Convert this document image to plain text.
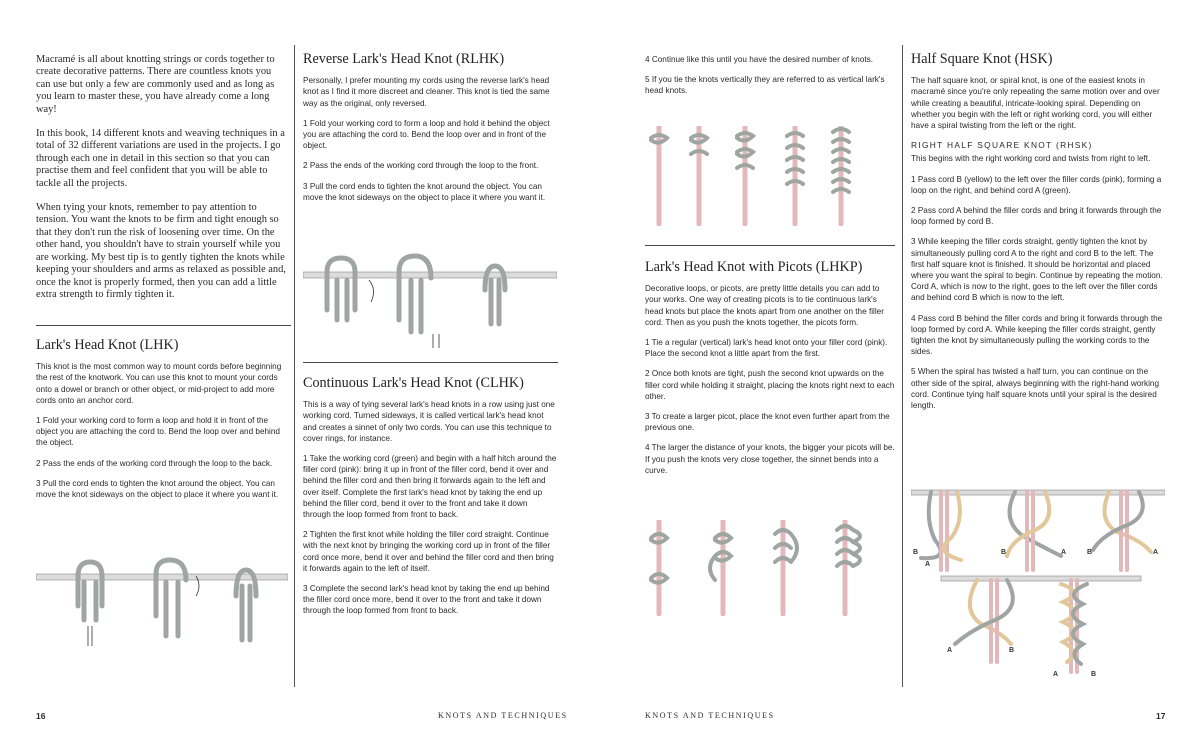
Macramé is all about knotting strings or cords together to create decorative patterns. There are countless knots you can use but only a few are commonly used and as long as you learn to master these, you have already come a long way!

In this book, 14 different knots and weaving techniques in a total of 32 different variations are used in the projects. I go through each one in detail in this section so that you can practise them and feel confident that you will be able to tackle all the projects.

When tying your knots, remember to pay attention to tension. You want the knots to be firm and tight enough so that they don't run the risk of loosening over time. On the other hand, you shouldn't have to strain yourself while you are working. My best tip is to gently tighten the knots while keeping your shoulders and arms as relaxed as possible and, once the knot is properly formed, then you can add a little extra strength to firmly tighten it.

Lark's Head Knot (LHK)

This knot is the most common way to mount cords before beginning the rest of the knotwork. You can use this knot to mount your cords onto a dowel or branch or other object, or mid-project to add more cords onto an anchor cord.

1 Fold your working cord to form a loop and hold it in front of the object you are attaching the cord to. Bend the loop over and behind the object.

2 Pass the ends of the working cord through the loop to the back.

3 Pull the cord ends to tighten the knot around the object. You can move the knot sideways on the object to place it where you want it.

Reverse Lark's Head Knot (RLHK)

Personally, I prefer mounting my cords using the reverse lark's head knot as I find it more discreet and cleaner. This knot is tied the same way as the original, only reversed.

1 Fold your working cord to form a loop and hold it behind the object you are attaching the cord to. Bend the loop over and in front of the object.

2 Pass the ends of the working cord through the loop to the front.

3 Pull the cord ends to tighten the knot around the object. You can move the knot sideways on the object to place it where you want it.

Continuous Lark's Head Knot (CLHK)

This is a way of tying several lark's head knots in a row using just one working cord. Turned sideways, it is called vertical lark's head knot and creates a sinnet of only two cords. You can use this technique to cover rings, for instance.

1 Take the working cord (green) and begin with a half hitch around the filler cord (pink): bring it up in front of the filler cord, bend it over and behind the filler cord and then bring it forwards again to the left and over itself. Complete the first lark's head knot by taking the end up behind the filler cord, bend it over to the front and take it down through the loop formed from front to back.

2 Tighten the first knot while holding the filler cord straight. Continue with the next knot by bringing the working cord up in front of the filler cord once more, bend it over and behind the filler cord and then bring it forwards again to the left of itself.

3 Complete the second lark's head knot by taking the end up behind the filler cord once more, bend it over to the front and take it down through the loop formed from front to back.

KNOTS AND TECHNIQUES
16

4 Continue like this until you have the desired number of knots.

5 If you tie the knots vertically they are referred to as vertical lark's head knots.

Lark's Head Knot with Picots (LHKP)

Decorative loops, or picots, are pretty little details you can add to your works. One way of creating picots is to tie continuous lark's head knots but place the knots apart from one another on the filler cord. Then as you push the knots together, the picots form.

1 Tie a regular (vertical) lark's head knot onto your filler cord (pink). Place the second knot a little apart from the first.

2 Once both knots are tight, push the second knot upwards on the filler cord while holding it straight, placing the knots right next to each other.

3 To create a larger picot, place the knot even further apart from the previous one.

4 The larger the distance of your knots, the bigger your picots will be. If you push the knots very close together, the sinnet bends into a curve.

Half Square Knot (HSK)

The half square knot, or spiral knot, is one of the easiest knots in macramé since you're only repeating the same motion over and over while creating a beautiful, intricate-looking spiral. Depending on whether you begin with the left or right working cord, you will either have a spiral twisting from the left or the right.

RIGHT HALF SQUARE KNOT (RHSK)

This begins with the right working cord and twists from right to left.

1 Pass cord B (yellow) to the left over the filler cords (pink), forming a loop on the right, and behind cord A (green).

2 Pass cord A behind the filler cords and bring it forwards through the loop formed by cord B.

3 While keeping the filler cords straight, gently tighten the knot by simultaneously pulling cord A to the right and cord B to the left. The first half square knot is finished. It should be horizontal and placed where you want the spiral to begin. Continue by repeating the motion. Cord A, which is now to the right, goes to the left over the filler cords and behind cord B which is now to the left.

4 Pass cord B behind the filler cords and bring it forwards through the loop formed by cord A. While keeping the filler cords straight, gently tighten the knot by simultaneously pulling the working cords to the sides.

5 When the spiral has twisted a half turn, you can continue on the other side of the spiral, always beginning with the right-hand working cord. Continue tying half square knots until your spiral is the desired length.

B
A
B	A	B	A
A	B
A	B
KNOTS AND TECHNIQUES	17
